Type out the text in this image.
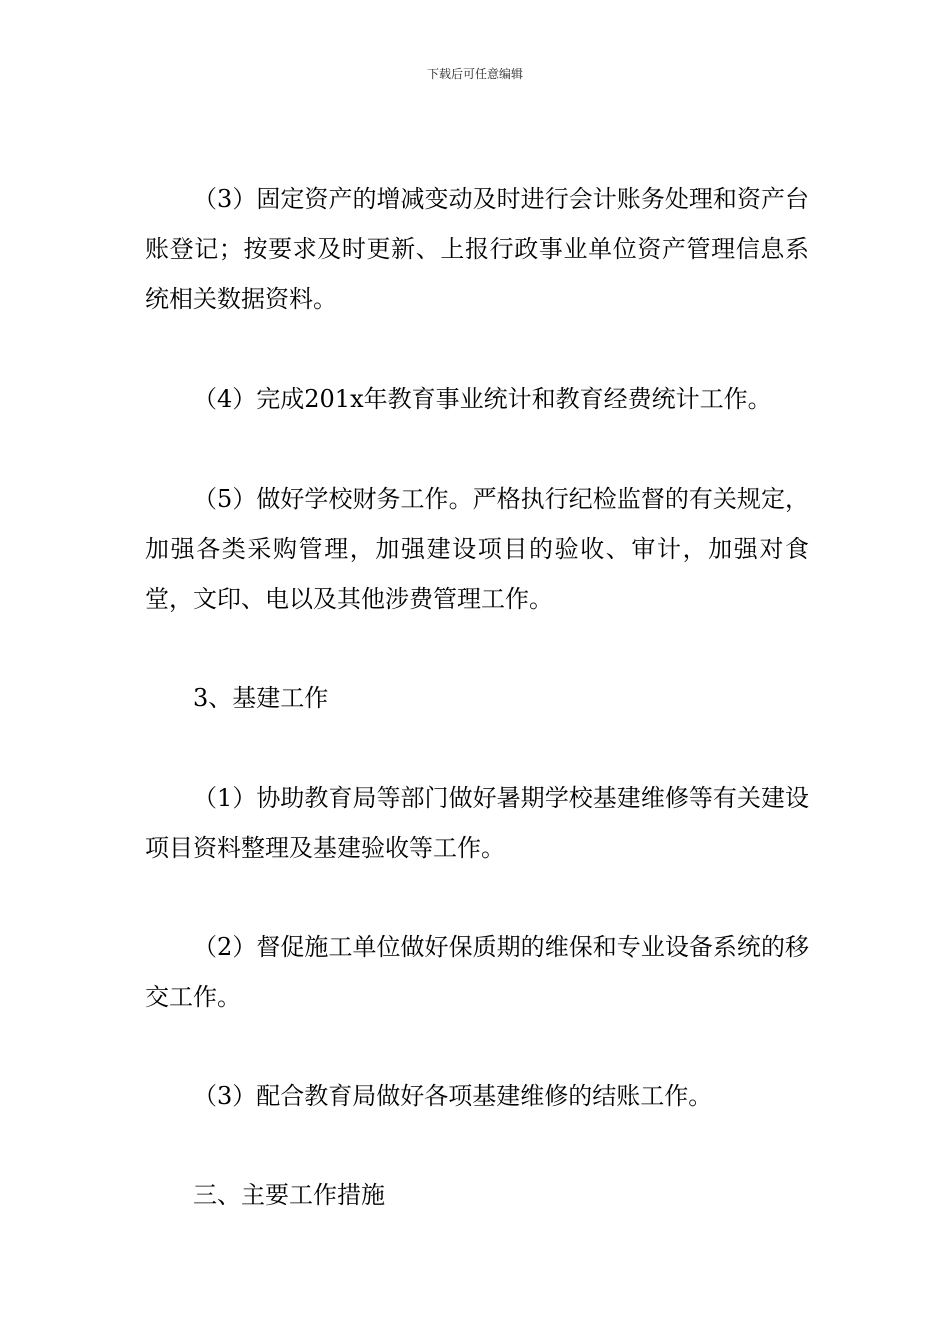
下载后可任意编辑

（3）固定资产的增减变动及时进行会计账务处理和资产台账登记；按要求及时更新、上报行政事业单位资产管理信息系统相关数据资料。

（4）完成201x年教育事业统计和教育经费统计工作。

（5）做好学校财务工作。严格执行纪检监督的有关规定，加强各类采购管理，加强建设项目的验收、审计，加强对食堂，文印、电以及其他涉费管理工作。

3、基建工作

（1）协助教育局等部门做好暑期学校基建维修等有关建设项目资料整理及基建验收等工作。

（2）督促施工单位做好保质期的维保和专业设备系统的移交工作。

（3）配合教育局做好各项基建维修的结账工作。

三、主要工作措施
